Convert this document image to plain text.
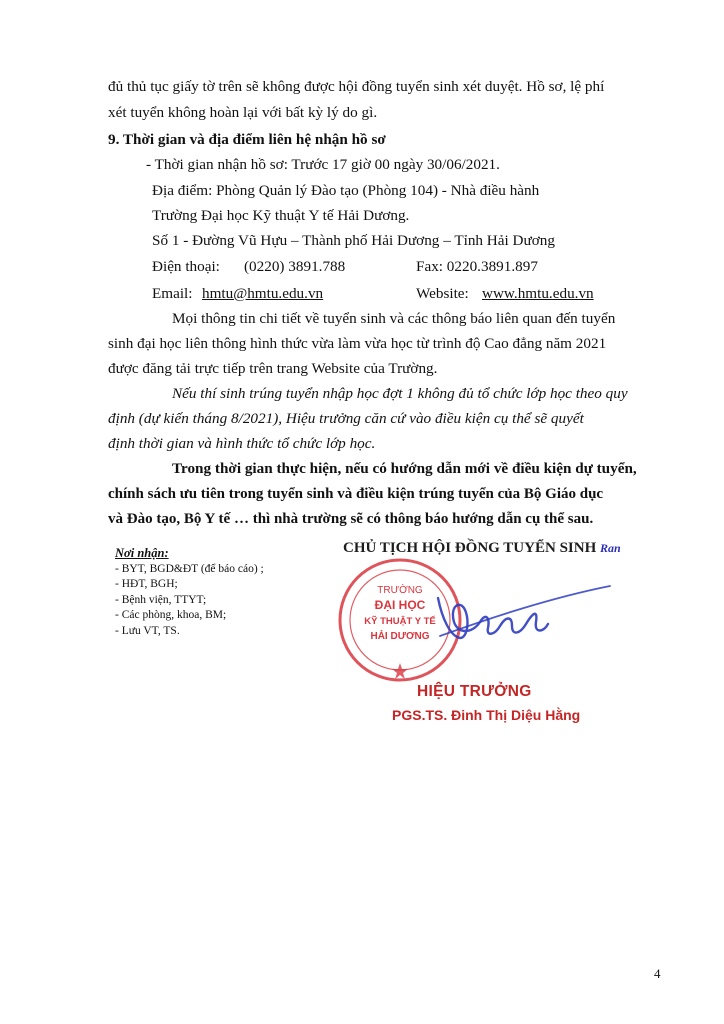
đủ thủ tục giấy tờ trên sẽ không được hội đồng tuyển sinh xét duyệt. Hồ sơ, lệ phí
xét tuyển không hoàn lại với bất kỳ lý do gì.
9. Thời gian và địa điểm liên hệ nhận hồ sơ
- Thời gian nhận hồ sơ: Trước 17 giờ 00 ngày 30/06/2021.
Địa điểm: Phòng Quản lý Đào tạo (Phòng 104) - Nhà điều hành
Trường Đại học Kỹ thuật Y tế Hải Dương.
Số 1 - Đường Vũ Hựu – Thành phố Hải Dương – Tỉnh Hải Dương
Điện thoại: (0220) 3891.788	Fax: 0220.3891.897
Email: hmtu@hmtu.edu.vn	Website: www.hmtu.edu.vn
Mọi thông tin chi tiết về tuyển sinh và các thông báo liên quan đến tuyển
sinh đại học liên thông hình thức vừa làm vừa học từ trình độ Cao đẳng năm 2021
được đăng tải trực tiếp trên trang Website của Trường.
Nếu thí sinh trúng tuyển nhập học đợt 1 không đủ tổ chức lớp học theo quy
định (dự kiến tháng 8/2021), Hiệu trưởng căn cứ vào điều kiện cụ thể sẽ quyết
định thời gian và hình thức tổ chức lớp học.
Trong thời gian thực hiện, nếu có hướng dẫn mới về điều kiện dự tuyển,
chính sách ưu tiên trong tuyển sinh và điều kiện trúng tuyển của Bộ Giáo dục
và Đào tạo, Bộ Y tế … thì nhà trường sẽ có thông báo hướng dẫn cụ thể sau.
Nơi nhận:
- BYT, BGD&ĐT (để báo cáo) ;
- HĐT, BGH;
- Bệnh viện, TTYT;
- Các phòng, khoa, BM;
- Lưu VT, TS.
CHỦ TỊCH HỘI ĐỒNG TUYỂN SINH Ran
TRƯỜNG
ĐẠI HỌC
KỸ THUẬT Y TẾ
HẢI DƯƠNG
HIỆU TRƯỞNG
PGS.TS. Đinh Thị Diệu Hằng
4
